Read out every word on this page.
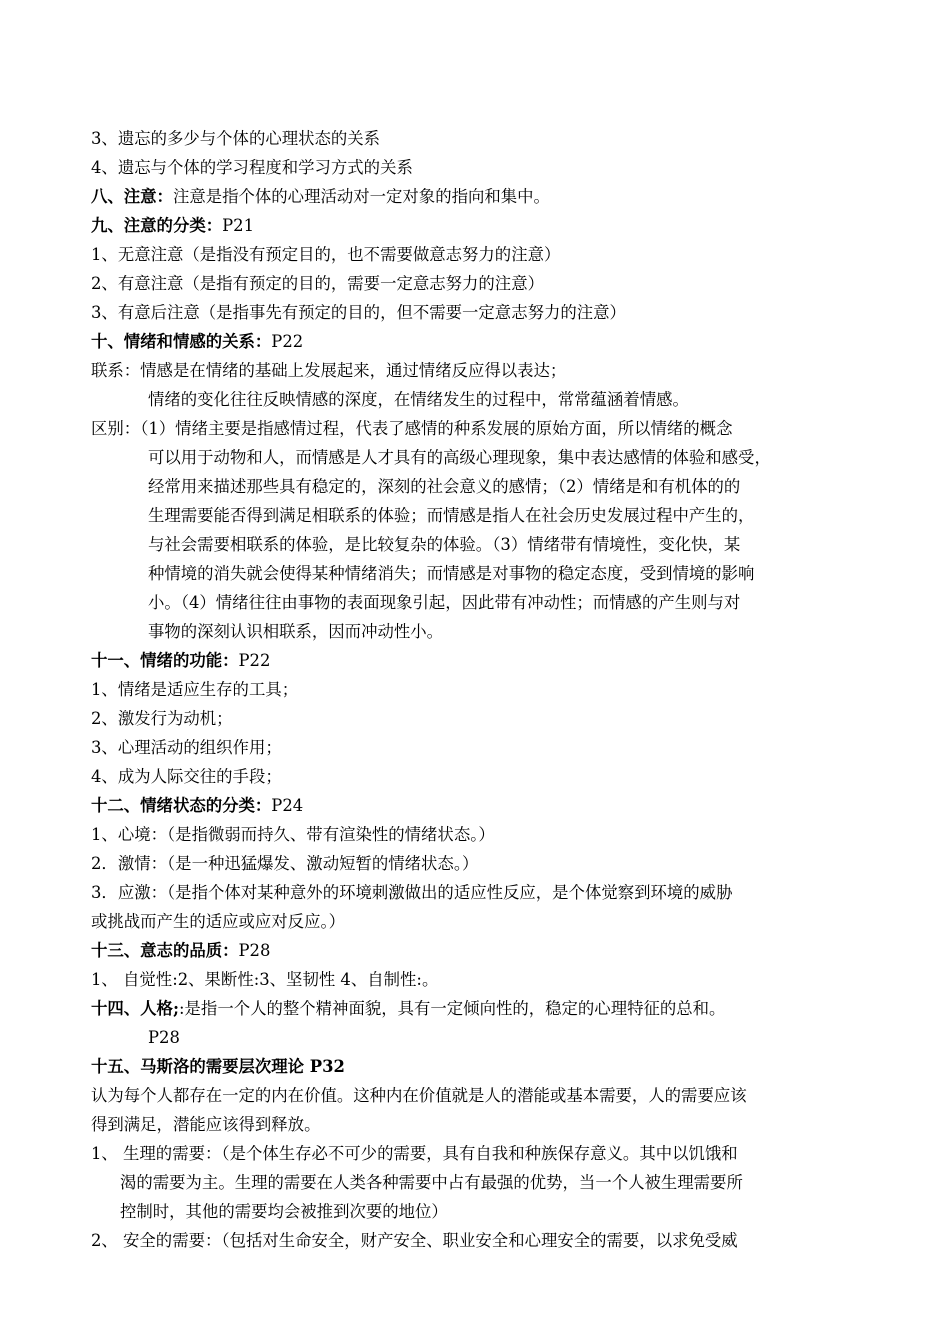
3、遗忘的多少与个体的心理状态的关系
4、遗忘与个体的学习程度和学习方式的关系
八、注意：注意是指个体的心理活动对一定对象的指向和集中。
九、注意的分类：P21
1、无意注意（是指没有预定目的，也不需要做意志努力的注意）
2、有意注意（是指有预定的目的，需要一定意志努力的注意）
3、有意后注意（是指事先有预定的目的，但不需要一定意志努力的注意）
十、情绪和情感的关系：P22
联系：情感是在情绪的基础上发展起来，通过情绪反应得以表达；
情绪的变化往往反映情感的深度，在情绪发生的过程中，常常蕴涵着情感。
区别：（1）情绪主要是指感情过程，代表了感情的种系发展的原始方面，所以情绪的概念
可以用于动物和人，而情感是人才具有的高级心理现象，集中表达感情的体验和感受，
经常用来描述那些具有稳定的，深刻的社会意义的感情；（2）情绪是和有机体的的
生理需要能否得到满足相联系的体验；而情感是指人在社会历史发展过程中产生的，
与社会需要相联系的体验，是比较复杂的体验。（3）情绪带有情境性，变化快，某
种情境的消失就会使得某种情绪消失；而情感是对事物的稳定态度，受到情境的影响
小。（4）情绪往往由事物的表面现象引起，因此带有冲动性；而情感的产生则与对
事物的深刻认识相联系，因而冲动性小。
十一、情绪的功能：P22
1、情绪是适应生存的工具；
2、激发行为动机；
3、心理活动的组织作用；
4、成为人际交往的手段；
十二、情绪状态的分类：P24
1、心境：（是指微弱而持久、带有渲染性的情绪状态。）
2．激情：（是一种迅猛爆发、激动短暂的情绪状态。）
3．应激：（是指个体对某种意外的环境刺激做出的适应性反应，是个体觉察到环境的威胁
或挑战而产生的适应或应对反应。）
十三、意志的品质：P28
1、 自觉性:2、果断性:3、坚韧性 4、自制性:。
十四、人格;:是指一个人的整个精神面貌，具有一定倾向性的，稳定的心理特征的总和。
P28
十五、马斯洛的需要层次理论 P32
认为每个人都存在一定的内在价值。这种内在价值就是人的潜能或基本需要，人的需要应该
得到满足，潜能应该得到释放。
1、 生理的需要：（是个体生存必不可少的需要，具有自我和种族保存意义。其中以饥饿和
渴的需要为主。生理的需要在人类各种需要中占有最强的优势，当一个人被生理需要所
控制时，其他的需要均会被推到次要的地位）
2、 安全的需要：（包括对生命安全，财产安全、职业安全和心理安全的需要，以求免受威
